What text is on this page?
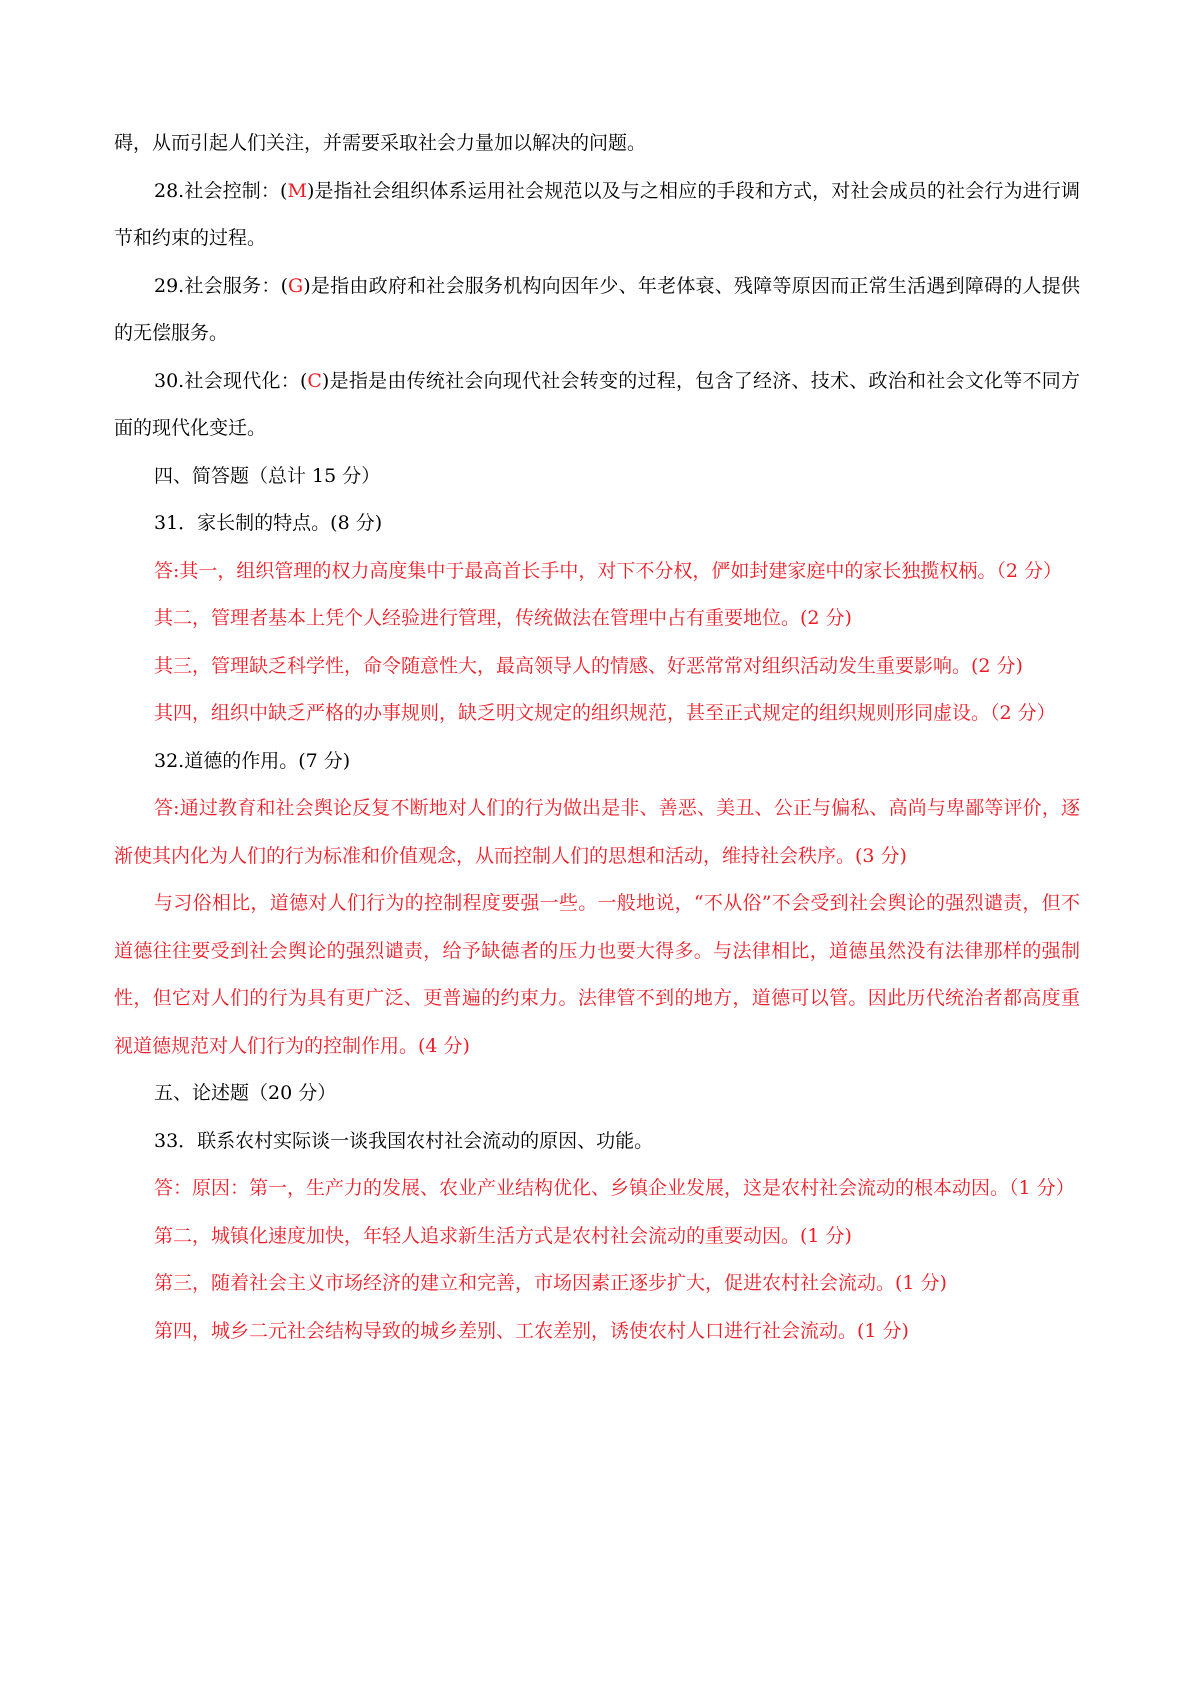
碍，从而引起人们关注，并需要采取社会力量加以解决的问题。

28.社会控制：(M)是指社会组织体系运用社会规范以及与之相应的手段和方式，对社会成员的社会行为进行调节和约束的过程。

29.社会服务：(G)是指由政府和社会服务机构向因年少、年老体衰、残障等原因而正常生活遇到障碍的人提供的无偿服务。

30.社会现代化：(C)是指是由传统社会向现代社会转变的过程，包含了经济、技术、政治和社会文化等不同方面的现代化变迁。

四、简答题（总计 15 分）

31．家长制的特点。(8 分)

答:其一，组织管理的权力高度集中于最高首长手中，对下不分权，俨如封建家庭中的家长独揽权柄。（2 分）

其二，管理者基本上凭个人经验进行管理，传统做法在管理中占有重要地位。(2 分)

其三，管理缺乏科学性，命令随意性大，最高领导人的情感、好恶常常对组织活动发生重要影响。(2 分)

其四，组织中缺乏严格的办事规则，缺乏明文规定的组织规范，甚至正式规定的组织规则形同虚设。（2 分）

32.道德的作用。(7 分)

答:通过教育和社会舆论反复不断地对人们的行为做出是非、善恶、美丑、公正与偏私、高尚与卑鄙等评价，逐渐使其内化为人们的行为标准和价值观念，从而控制人们的思想和活动，维持社会秩序。(3 分)

与习俗相比，道德对人们行为的控制程度要强一些。一般地说，“不从俗”不会受到社会舆论的强烈谴责，但不道德往往要受到社会舆论的强烈谴责，给予缺德者的压力也要大得多。与法律相比，道德虽然没有法律那样的强制性，但它对人们的行为具有更广泛、更普遍的约束力。法律管不到的地方，道德可以管。因此历代统治者都高度重视道德规范对人们行为的控制作用。(4 分)

五、论述题（20 分）

33．联系农村实际谈一谈我国农村社会流动的原因、功能。

答：原因：第一，生产力的发展、农业产业结构优化、乡镇企业发展，这是农村社会流动的根本动因。（1 分）

第二，城镇化速度加快，年轻人追求新生活方式是农村社会流动的重要动因。(1 分)

第三，随着社会主义市场经济的建立和完善，市场因素正逐步扩大，促进农村社会流动。(1 分)

第四，城乡二元社会结构导致的城乡差别、工农差别，诱使农村人口进行社会流动。(1 分)
